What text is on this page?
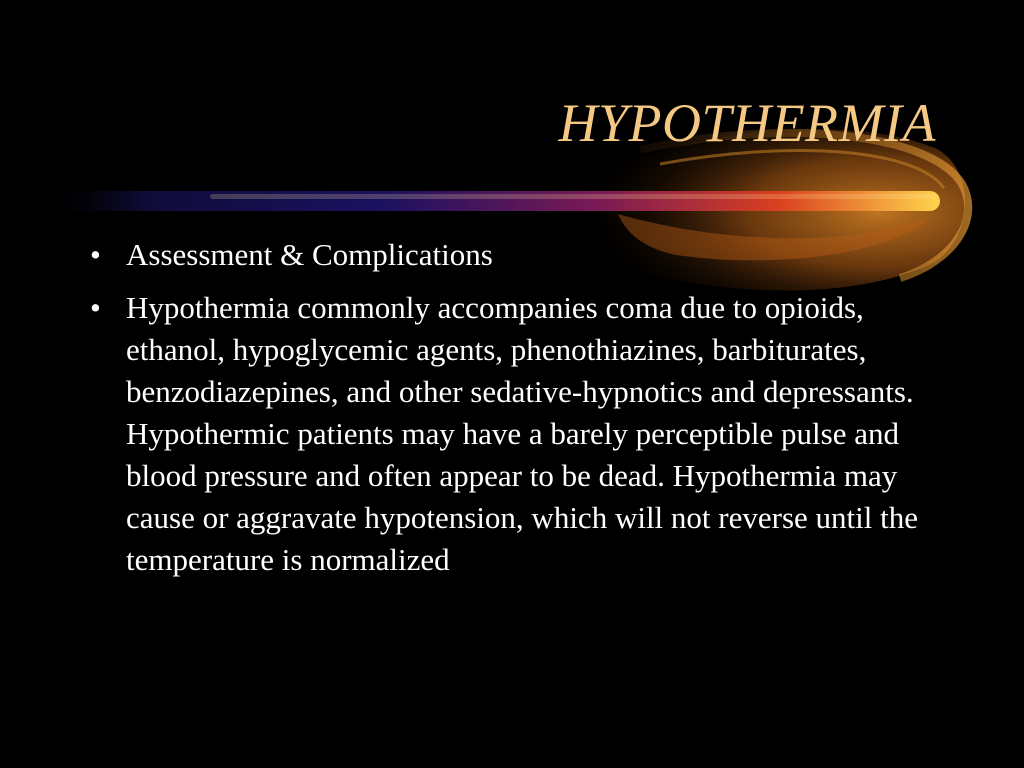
HYPOTHERMIA
• Assessment & Complications
• Hypothermia commonly accompanies coma due to opioids, ethanol, hypoglycemic agents, phenothiazines, barbiturates, benzodiazepines, and other sedative-hypnotics and depressants. Hypothermic patients may have a barely perceptible pulse and blood pressure and often appear to be dead. Hypothermia may cause or aggravate hypotension, which will not reverse until the temperature is normalized
